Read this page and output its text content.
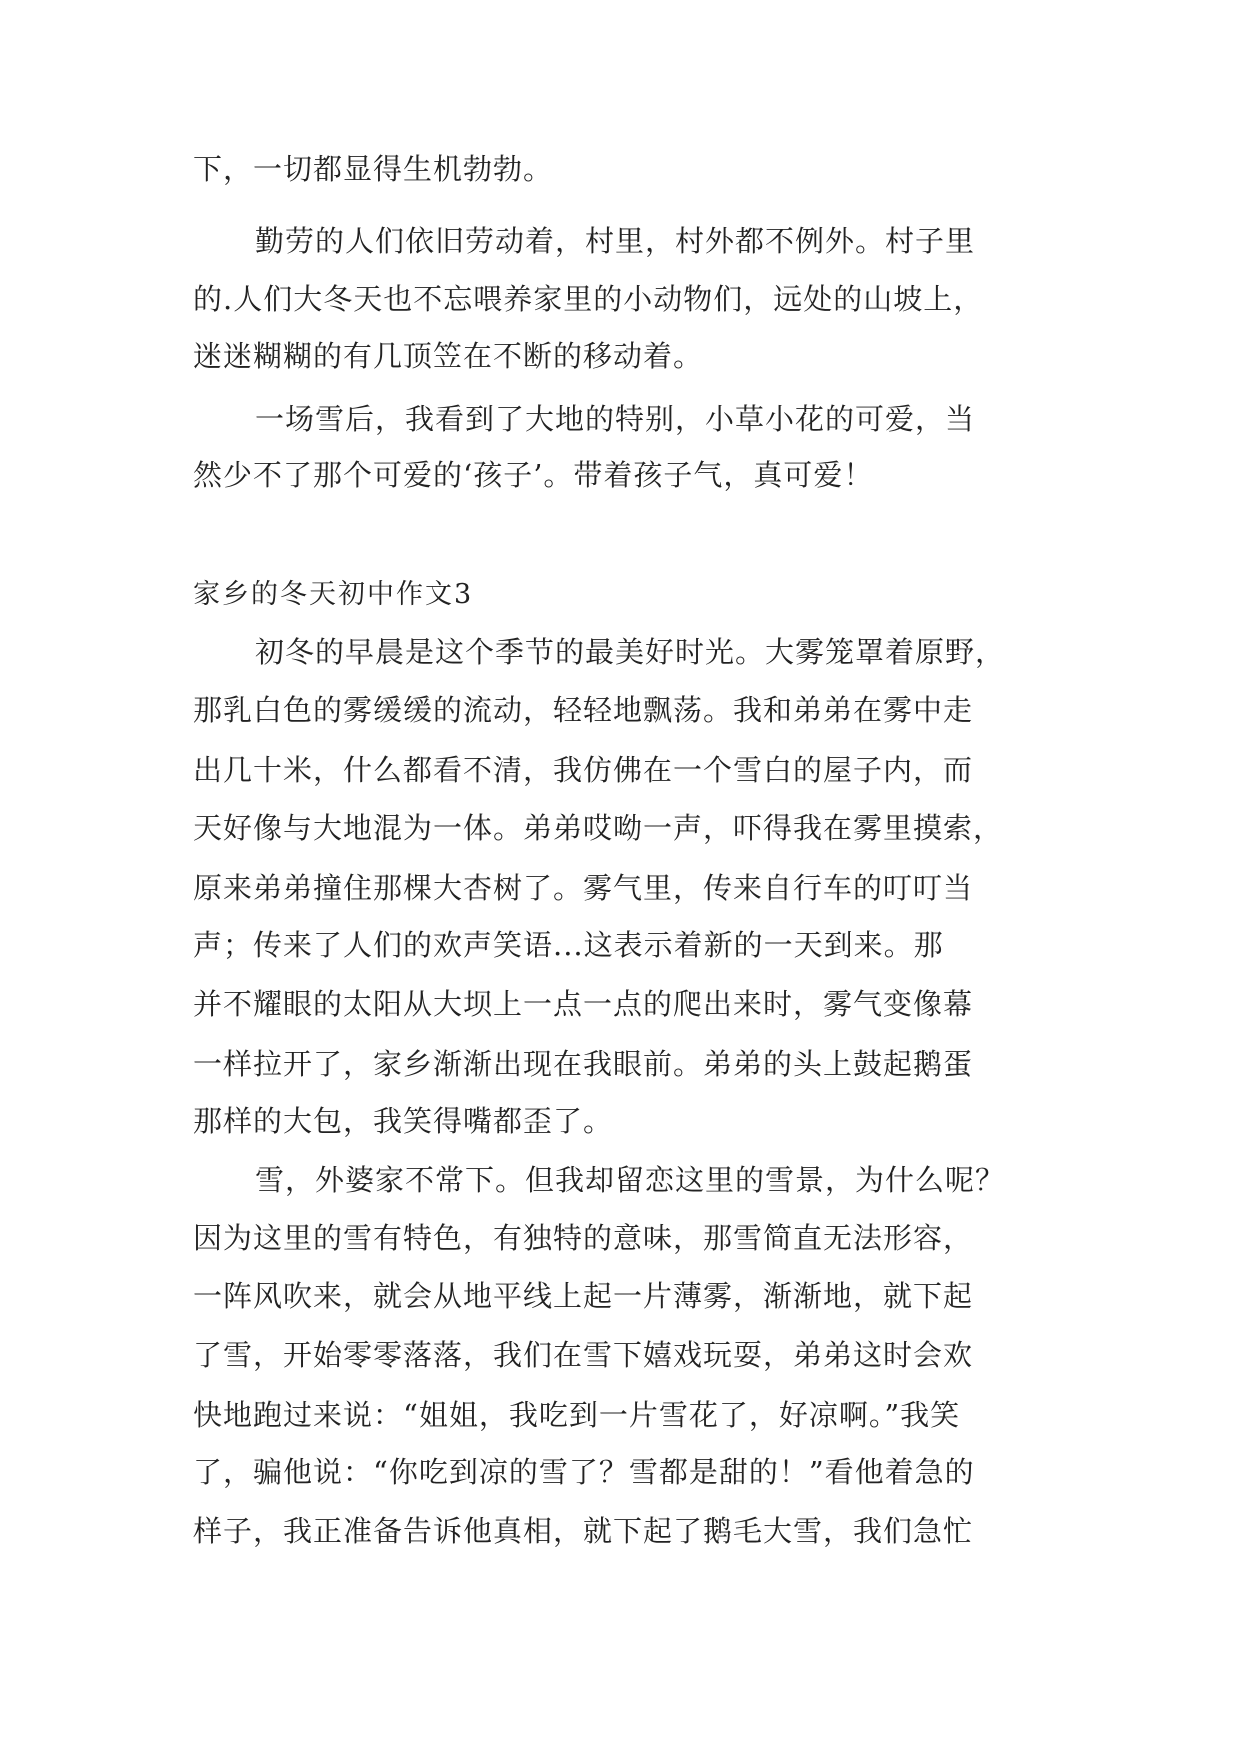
下，一切都显得生机勃勃。
勤劳的人们依旧劳动着，村里，村外都不例外。村子里
的.人们大冬天也不忘喂养家里的小动物们，远处的山坡上，
迷迷糊糊的有几顶笠在不断的移动着。
一场雪后，我看到了大地的特别，小草小花的可爱，当
然少不了那个可爱的‘孩子’。带着孩子气，真可爱！
家乡的冬天初中作文3
初冬的早晨是这个季节的最美好时光。大雾笼罩着原野，
那乳白色的雾缓缓的流动，轻轻地飘荡。我和弟弟在雾中走
出几十米，什么都看不清，我仿佛在一个雪白的屋子内，而
天好像与大地混为一体。弟弟哎呦一声，吓得我在雾里摸索，
原来弟弟撞住那棵大杏树了。雾气里，传来自行车的叮叮当
声；传来了人们的欢声笑语...这表示着新的一天到来。那
并不耀眼的太阳从大坝上一点一点的爬出来时，雾气变像幕
一样拉开了，家乡渐渐出现在我眼前。弟弟的头上鼓起鹅蛋
那样的大包，我笑得嘴都歪了。
雪，外婆家不常下。但我却留恋这里的雪景，为什么呢？
因为这里的雪有特色，有独特的意味，那雪简直无法形容，
一阵风吹来，就会从地平线上起一片薄雾，渐渐地，就下起
了雪，开始零零落落，我们在雪下嬉戏玩耍，弟弟这时会欢
快地跑过来说：“姐姐，我吃到一片雪花了，好凉啊。”我笑
了，骗他说：“你吃到凉的雪了？雪都是甜的！”看他着急的
样子，我正准备告诉他真相，就下起了鹅毛大雪，我们急忙
